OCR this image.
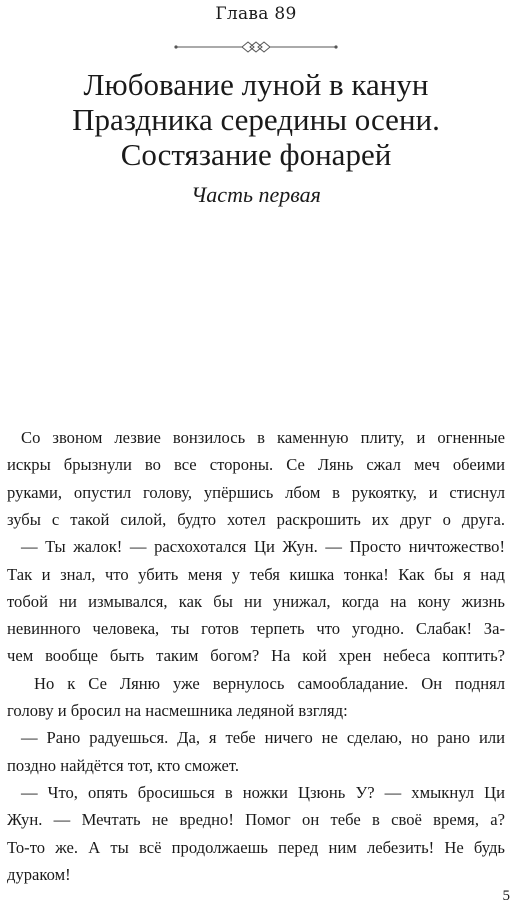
Глава 89
Любование луной в канун
Праздника середины осени.
Состязание фонарей
Часть первая
Со звоном лезвие вонзилось в каменную плиту, и огненные
искры брызнули во все стороны. Се Лянь сжал меч обеими
руками, опустил голову, упёршись лбом в рукоятку, и стиснул
зубы с такой силой, будто хотел раскрошить их друг о друга.
— Ты жалок! — расхохотался Ци Жун. — Просто ничтожество!
Так и знал, что убить меня у тебя кишка тонка! Как бы я над
тобой ни измывался, как бы ни унижал, когда на кону жизнь
невинного человека, ты готов терпеть что угодно. Слабак! За-
чем вообще быть таким богом? На кой хрен небеса коптить?
Но к Се Ляню уже вернулось самообладание. Он поднял
голову и бросил на насмешника ледяной взгляд:
— Рано радуешься. Да, я тебе ничего не сделаю, но рано или
поздно найдётся тот, кто сможет.
— Что, опять бросишься в ножки Цзюнь У? — хмыкнул Ци
Жун. — Мечтать не вредно! Помог он тебе в своё время, а?
То-то же. А ты всё продолжаешь перед ним лебезить! Не будь
дураком!
5
